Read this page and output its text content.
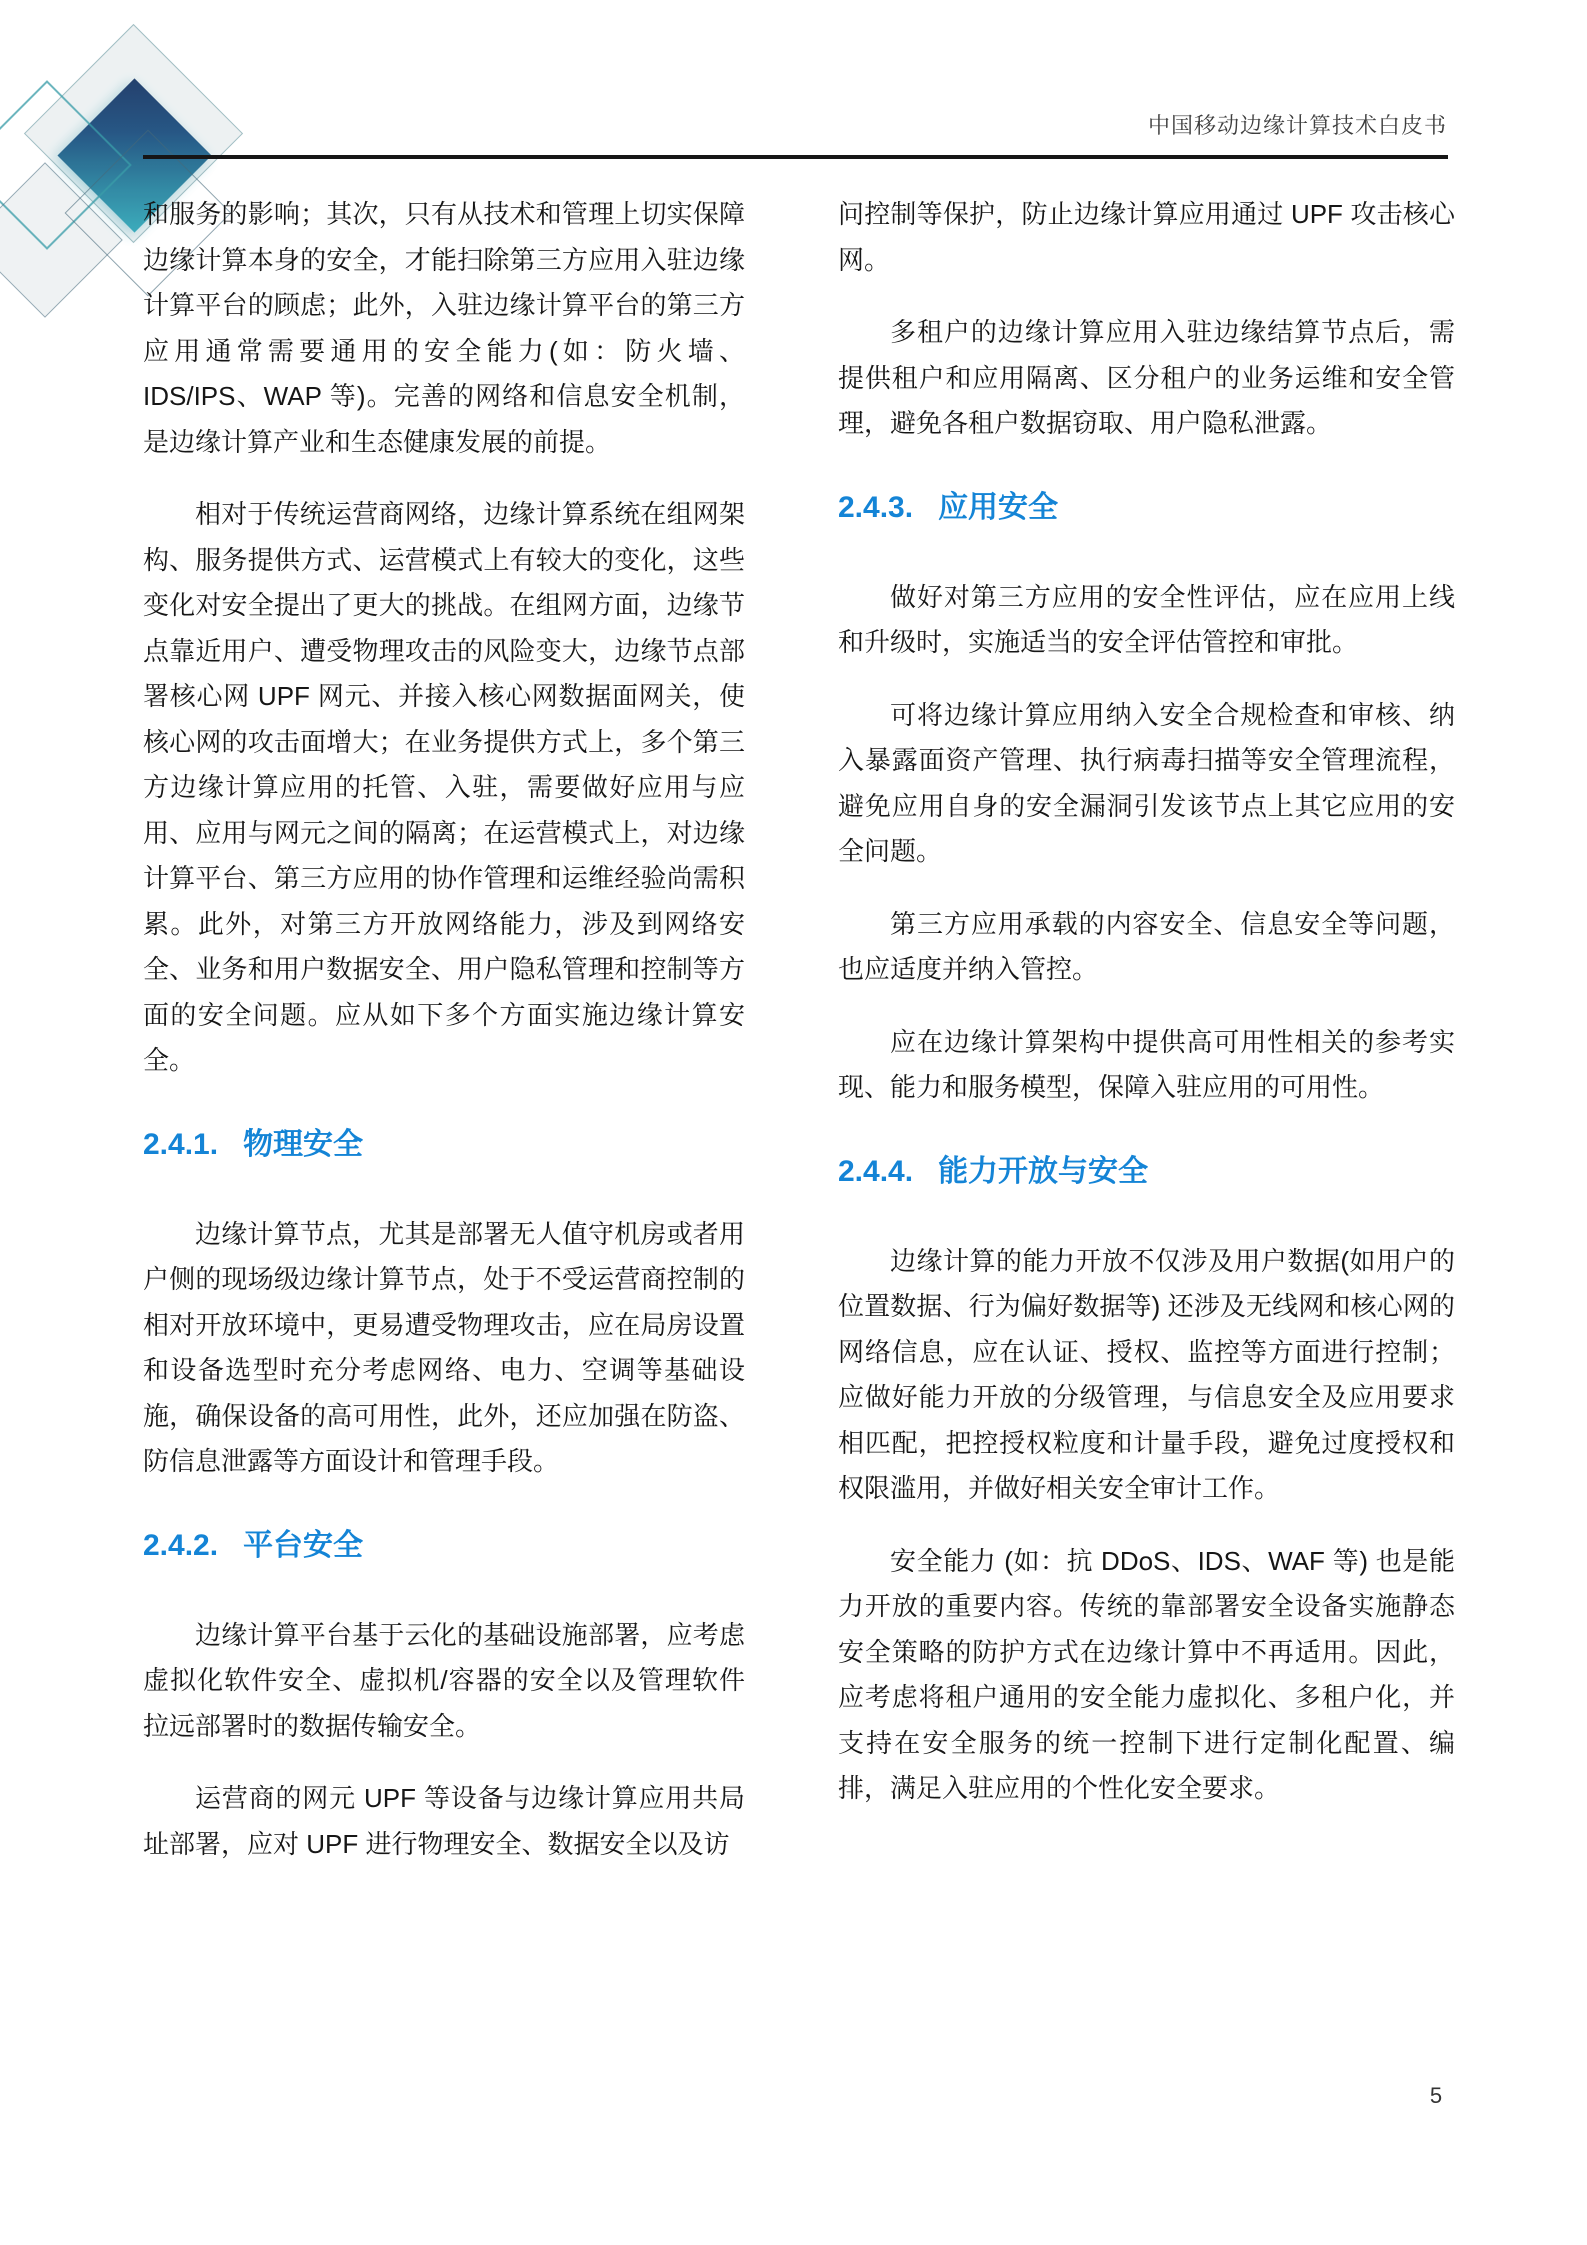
中国移动边缘计算技术白皮书

和服务的影响；其次，只有从技术和管理上切实保障边缘计算本身的安全，才能扫除第三方应用入驻边缘计算平台的顾虑；此外，入驻边缘计算平台的第三方应用通常需要通用的安全能力(如：防火墙、IDS/IPS、WAP 等)。完善的网络和信息安全机制，是边缘计算产业和生态健康发展的前提。

相对于传统运营商网络，边缘计算系统在组网架构、服务提供方式、运营模式上有较大的变化，这些变化对安全提出了更大的挑战。在组网方面，边缘节点靠近用户、遭受物理攻击的风险变大，边缘节点部署核心网 UPF 网元、并接入核心网数据面网关，使核心网的攻击面增大；在业务提供方式上，多个第三方边缘计算应用的托管、入驻，需要做好应用与应用、应用与网元之间的隔离；在运营模式上，对边缘计算平台、第三方应用的协作管理和运维经验尚需积累。此外，对第三方开放网络能力，涉及到网络安全、业务和用户数据安全、用户隐私管理和控制等方面的安全问题。应从如下多个方面实施边缘计算安全。

2.4.1. 物理安全

边缘计算节点，尤其是部署无人值守机房或者用户侧的现场级边缘计算节点，处于不受运营商控制的相对开放环境中，更易遭受物理攻击，应在局房设置和设备选型时充分考虑网络、电力、空调等基础设施，确保设备的高可用性，此外，还应加强在防盗、防信息泄露等方面设计和管理手段。

2.4.2. 平台安全

边缘计算平台基于云化的基础设施部署，应考虑虚拟化软件安全、虚拟机/容器的安全以及管理软件拉远部署时的数据传输安全。

运营商的网元 UPF 等设备与边缘计算应用共局址部署，应对 UPF 进行物理安全、数据安全以及访

问控制等保护，防止边缘计算应用通过 UPF 攻击核心网。

多租户的边缘计算应用入驻边缘结算节点后，需提供租户和应用隔离、区分租户的业务运维和安全管理，避免各租户数据窃取、用户隐私泄露。

2.4.3. 应用安全

做好对第三方应用的安全性评估，应在应用上线和升级时，实施适当的安全评估管控和审批。

可将边缘计算应用纳入安全合规检查和审核、纳入暴露面资产管理、执行病毒扫描等安全管理流程，避免应用自身的安全漏洞引发该节点上其它应用的安全问题。

第三方应用承载的内容安全、信息安全等问题，也应适度并纳入管控。

应在边缘计算架构中提供高可用性相关的参考实现、能力和服务模型，保障入驻应用的可用性。

2.4.4. 能力开放与安全

边缘计算的能力开放不仅涉及用户数据(如用户的位置数据、行为偏好数据等) 还涉及无线网和核心网的网络信息，应在认证、授权、监控等方面进行控制；应做好能力开放的分级管理，与信息安全及应用要求相匹配，把控授权粒度和计量手段，避免过度授权和权限滥用，并做好相关安全审计工作。

安全能力 (如：抗 DDoS、IDS、WAF 等) 也是能力开放的重要内容。传统的靠部署安全设备实施静态安全策略的防护方式在边缘计算中不再适用。因此，应考虑将租户通用的安全能力虚拟化、多租户化，并支持在安全服务的统一控制下进行定制化配置、编排，满足入驻应用的个性化安全要求。

5
